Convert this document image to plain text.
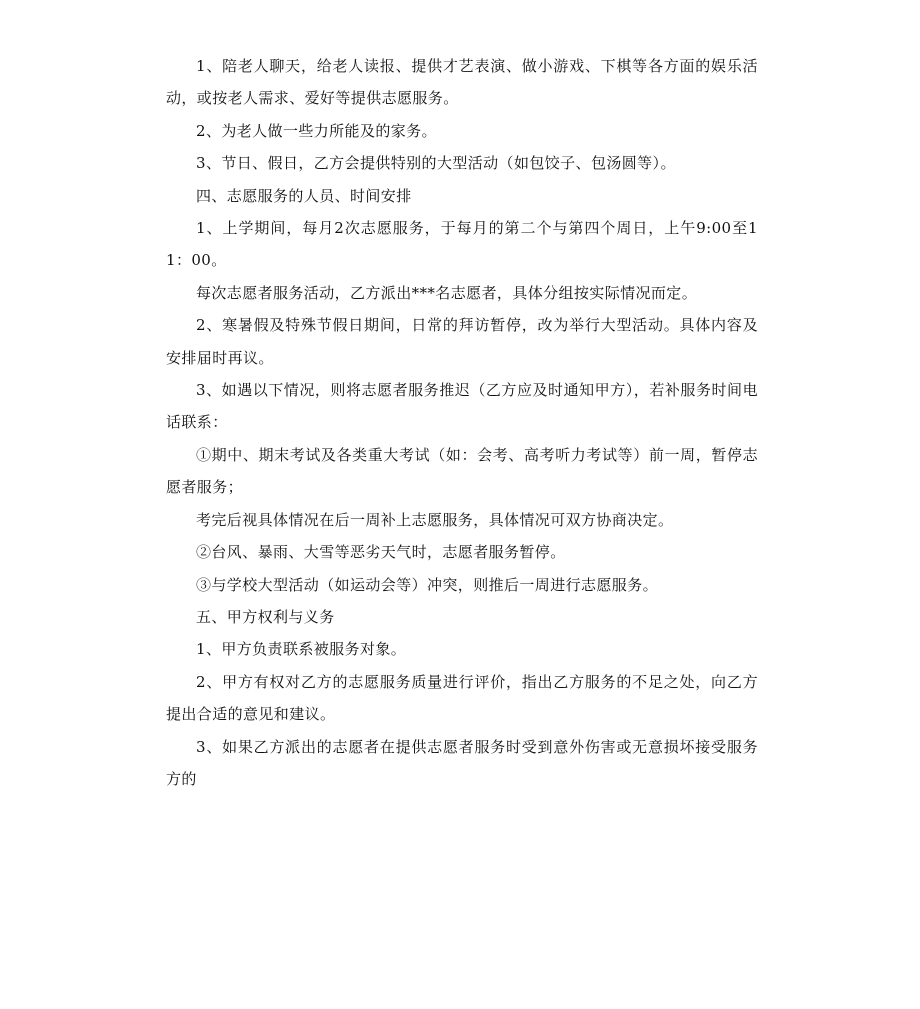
1、陪老人聊天，给老人读报、提供才艺表演、做小游戏、下棋等各方面的娱乐活动，或按老人需求、爱好等提供志愿服务。

2、为老人做一些力所能及的家务。

3、节日、假日，乙方会提供特别的大型活动（如包饺子、包汤圆等）。

四、志愿服务的人员、时间安排

1、上学期间，每月2次志愿服务，于每月的第二个与第四个周日，上午9:00至11：00。

每次志愿者服务活动，乙方派出***名志愿者，具体分组按实际情况而定。

2、寒暑假及特殊节假日期间，日常的拜访暂停，改为举行大型活动。具体内容及安排届时再议。

3、如遇以下情况，则将志愿者服务推迟（乙方应及时通知甲方），若补服务时间电话联系：

①期中、期末考试及各类重大考试（如：会考、高考听力考试等）前一周，暂停志愿者服务；

考完后视具体情况在后一周补上志愿服务，具体情况可双方协商决定。

②台风、暴雨、大雪等恶劣天气时，志愿者服务暂停。

③与学校大型活动（如运动会等）冲突，则推后一周进行志愿服务。

五、甲方权利与义务

1、甲方负责联系被服务对象。

2、甲方有权对乙方的志愿服务质量进行评价，指出乙方服务的不足之处，向乙方提出合适的意见和建议。

3、如果乙方派出的志愿者在提供志愿者服务时受到意外伤害或无意损坏接受服务方的
